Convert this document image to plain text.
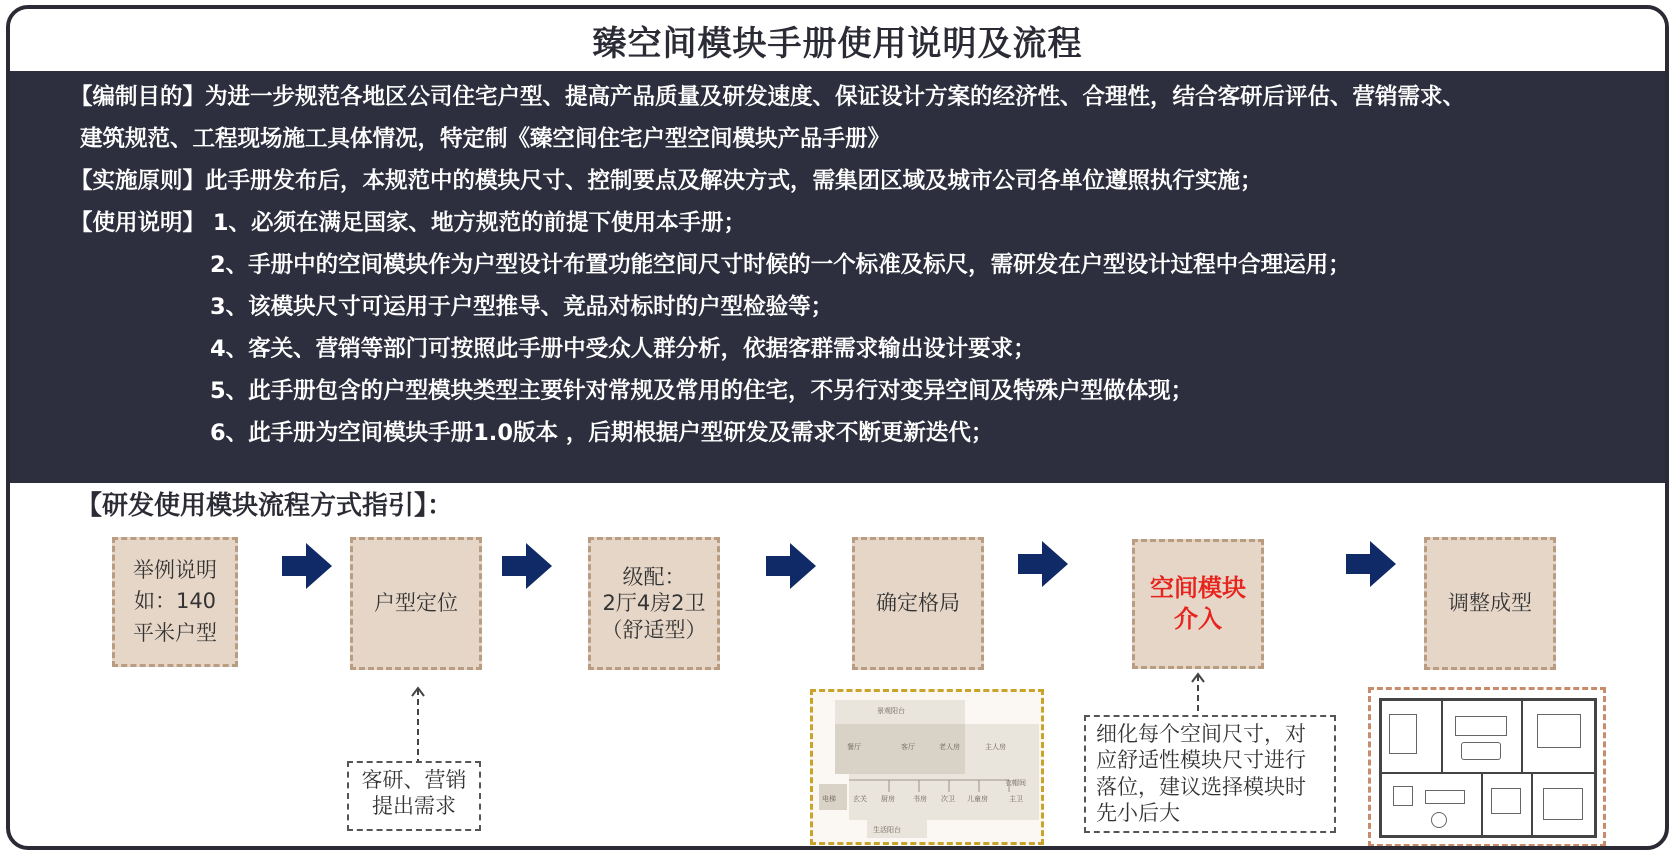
臻空间模块手册使用说明及流程
【编制目的】为进一步规范各地区公司住宅户型、提高产品质量及研发速度、保证设计方案的经济性、合理性，结合客研后评估、营销需求、
建筑规范、工程现场施工具体情况，特定制《臻空间住宅户型空间模块产品手册》
【实施原则】此手册发布后，本规范中的模块尺寸、控制要点及解决方式，需集团区域及城市公司各单位遵照执行实施；
【使用说明】 1、必须在满足国家、地方规范的前提下使用本手册；
2、手册中的空间模块作为户型设计布置功能空间尺寸时候的一个标准及标尺，需研发在户型设计过程中合理运用；
3、该模块尺寸可运用于户型推导、竞品对标时的户型检验等；
4、客关、营销等部门可按照此手册中受众人群分析，依据客群需求输出设计要求；
5、此手册包含的户型模块类型主要针对常规及常用的住宅，不另行对变异空间及特殊户型做体现；
6、此手册为空间模块手册1.0版本 ，后期根据户型研发及需求不断更新迭代；
【研发使用模块流程方式指引】：
举例说明
如：140
平米户型
户型定位
级配：
2厅4房2卫
（舒适型）
确定格局
空间模块
介入
调整成型
客研、营销
提出需求
细化每个空间尺寸，对
应舒适性模块尺寸进行
落位，建议选择模块时
先小后大
景观阳台
餐厅	客厅	老人房	主人房
电梯 玄关 厨房	书房 次卫 儿童房	主卫
衣帽间
生活阳台
